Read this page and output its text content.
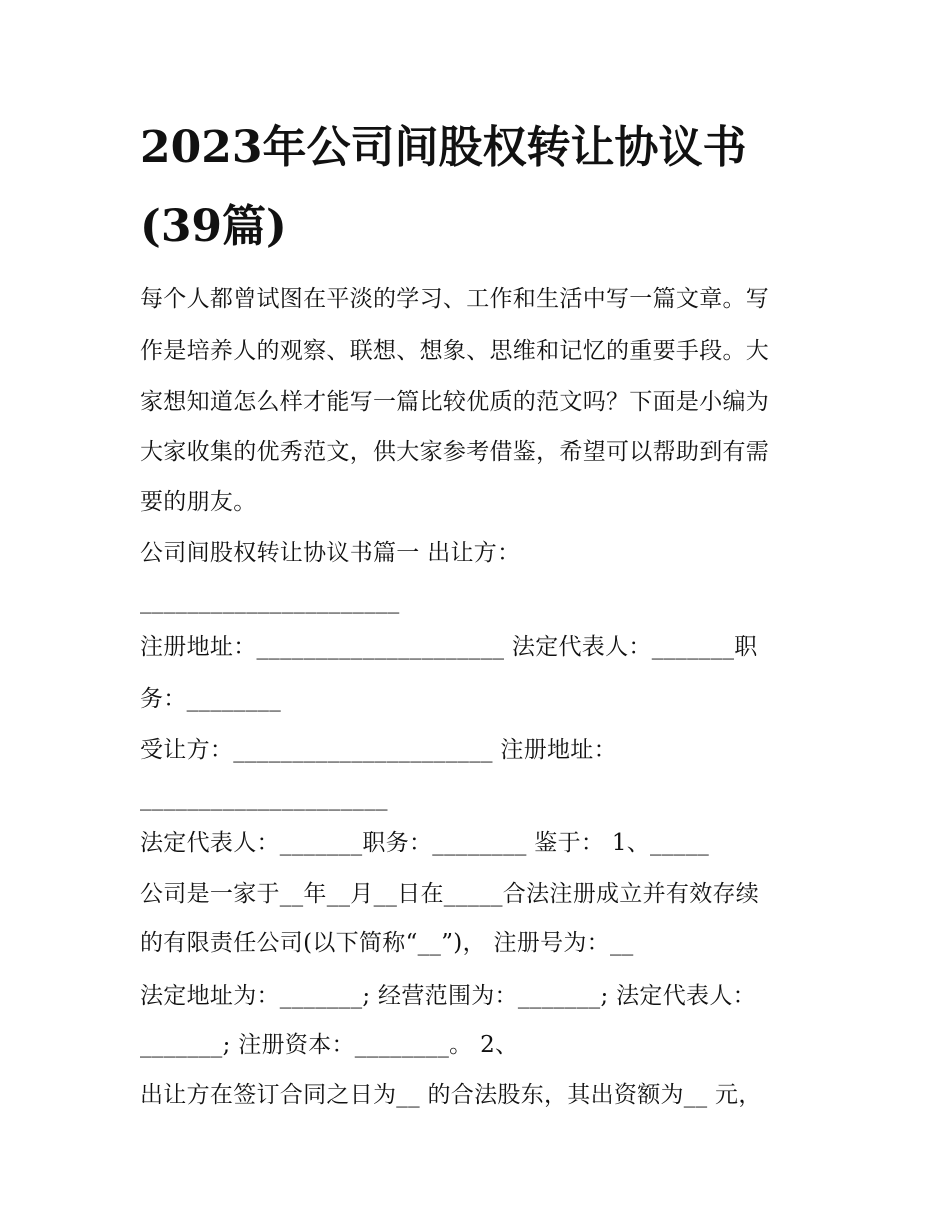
2023年公司间股权转让协议书
(39篇)

每个人都曾试图在平淡的学习、工作和生活中写一篇文章。写

作是培养人的观察、联想、想象、思维和记忆的重要手段。大

家想知道怎么样才能写一篇比较优质的范文吗？下面是小编为

大家收集的优秀范文，供大家参考借鉴，希望可以帮助到有需

要的朋友。

公司间股权转让协议书篇一 出让方：

______________________

注册地址：_____________________ 法定代表人：_______职

务：________

受让方：______________________ 注册地址：

_____________________

法定代表人：_______职务：________ 鉴于： 1、_____

公司是一家于__年__月__日在_____合法注册成立并有效存续

的有限责任公司(以下简称“__”)， 注册号为：__

法定地址为：_______; 经营范围为：_______; 法定代表人：

_______; 注册资本：________。 2、

出让方在签订合同之日为__ 的合法股东，其出资额为__ 元，
